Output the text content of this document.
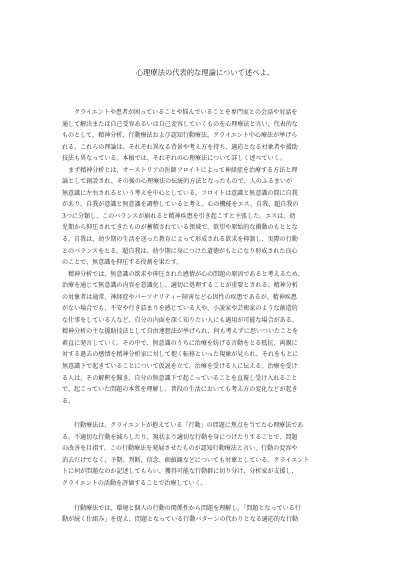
心理療法の代表的な理論について述べよ。

クライエントや患者が困っていることや悩んでいることを専門家との会話や対話を
通して解決または自己受容あるいは自己変容していくものを心理療法と言い、代表的な
ものとして、精神分析、行動療法および認知行動療法、クライエント中心療法が挙げら
れる。これらの理論は、それぞれ異なる背景や考え方を持ち、適応となる対象者や援助
技法も異なっている。本稿では、それぞれの心理療法について詳しく述べていく。
　まず精神分析とは、オーストリアの医師フロイトによって神経症を治療する方法と理
論として創設され、その後の心理療法の伝統的方法となったもので、人のふるまいが
無意識に左右されるという考えを中心としている。フロイトは意識と無意識の間に自我
があり、自我が意識と無意識を調整していると考え、心の機能をエス、自我、超自我の
3つに分類し、このバランスが崩れると精神疾患を引き起こすと主張した。エスは、幼
児期から抑圧されてきたものが蓄積されている領域で、欲望や原始的な衝動のもととな
る。自我は、幼少期の生活を送った教育によって形成される欲求を抑制し、実際の行動
とのバランスをとる。超自我は、幼少期に身につけた道徳がもとになり形成された良心
のことで、無意識を抑圧する役割を果たす。

精神分析では、無意識の欲求や抑圧された感情が心の問題の原因であると考えるため、
治療を通じて無意識の内容を意識化し、適切に処理することが重要とされる。精神分析
の対象者は通常、神経症やパーソナリティー障害など心因性の疾患であるが、精神疾患
がない場合でも、不安や行き詰まりを感じている人や、小説家や芸術家のような創造的
な仕事をしている人など、自分の内面を深く知りたい人にも適用が可能な場合がある。
精神分析の主な援助技法として自由連想法が挙げられ、何も考えずに思いついたことを
素直に発言していく。その中で、無意識のうちに治療を妨げる言動をとる抵抗、両親に
対する過去の感情を精神分析家に対して抱く転移といった現象が見られ、それをもとに
無意識下で起きていることについて仮説を立て、治療を受ける人に伝える。治療を受け
る人は、その解釈を聞き、自分の無意識下で起こっていることを直視し受け入れること
で、起こっていた問題の本質を理解し、普段の生活においても考え方の変化などが起き
る。

行動療法は、クライエントが抱えている「行動」の問題に焦点を当てた心理療法であ
る。不適切な行動を減らしたり、現状より適切な行動を身につけたりすることで、問題
の改善を目指す。この行動療法を発展させたものが認知行動療法と言い、行動の変容や
消去だけでなく、予期、判断、信念、価値観などについても対象としている。クライエント
トに何が問題なのか記述してもらい、獲得可能な行動群に切り分け、分析家が支援し、
クライエントの活動を評価することで治療していく。

行動療法では、環境と個人の行動の関係性から問題を理解し、「問題となっている行
動が続く仕組み」を捉え、問題となっている行動パターンの代わりとなる適応的な行動
